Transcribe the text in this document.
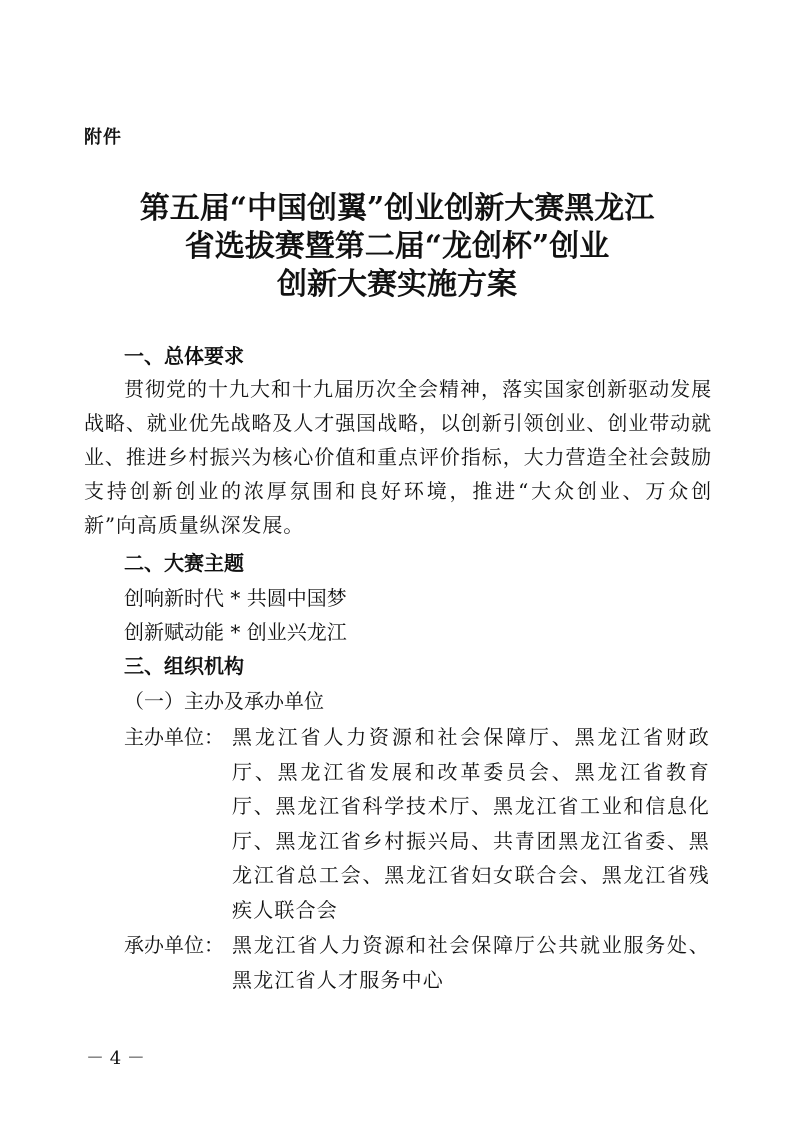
附件
第五届“中国创翼”创业创新大赛黑龙江
省选拔赛暨第二届“龙创杯”创业
创新大赛实施方案
一、总体要求
贯彻党的十九大和十九届历次全会精神，落实国家创新驱动发展战略、就业优先战略及人才强国战略，以创新引领创业、创业带动就业、推进乡村振兴为核心价值和重点评价指标，大力营造全社会鼓励支持创新创业的浓厚氛围和良好环境，推进“大众创业、万众创新”向高质量纵深发展。
二、大赛主题
创响新时代 * 共圆中国梦
创新赋动能 * 创业兴龙江
三、组织机构
（一）主办及承办单位
主办单位： 黑龙江省人力资源和社会保障厅、黑龙江省财政厅、黑龙江省发展和改革委员会、黑龙江省教育厅、黑龙江省科学技术厅、黑龙江省工业和信息化厅、黑龙江省乡村振兴局、共青团黑龙江省委、黑龙江省总工会、黑龙江省妇女联合会、黑龙江省残疾人联合会
承办单位： 黑龙江省人力资源和社会保障厅公共就业服务处、黑龙江省人才服务中心
－ 4 －
